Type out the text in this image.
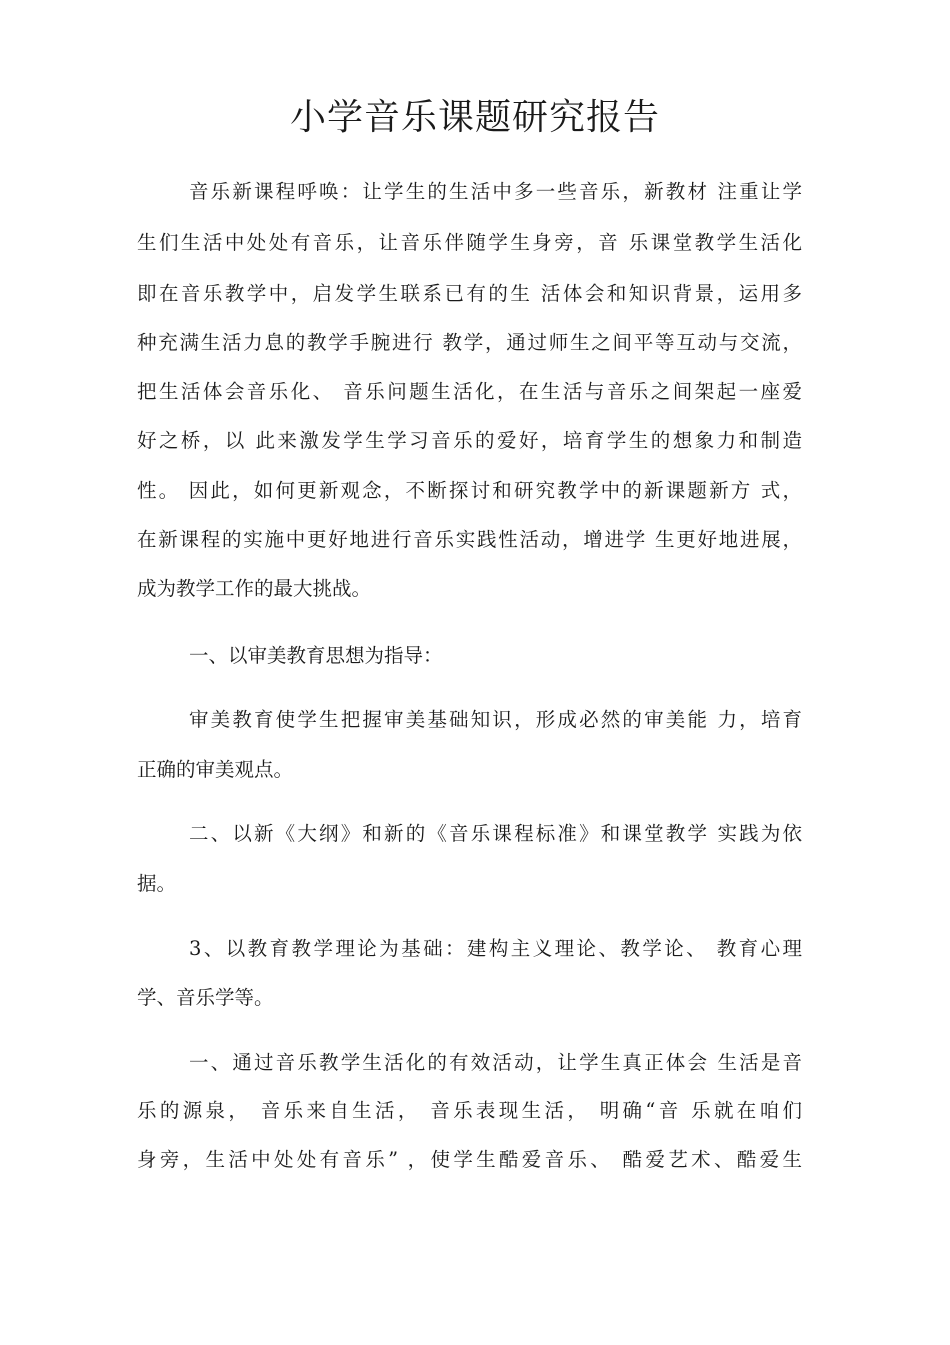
小学音乐课题研究报告

音乐新课程呼唤：让学生的生活中多一些音乐，新教材 注重让学

生们生活中处处有音乐，让音乐伴随学生身旁，音 乐课堂教学生活化

即在音乐教学中，启发学生联系已有的生 活体会和知识背景，运用多

种充满生活力息的教学手腕进行 教学，通过师生之间平等互动与交流，

把生活体会音乐化、 音乐问题生活化，在生活与音乐之间架起一座爱

好之桥，以 此来激发学生学习音乐的爱好，培育学生的想象力和制造

性。 因此，如何更新观念，不断探讨和研究教学中的新课题新方 式，

在新课程的实施中更好地进行音乐实践性活动，增进学 生更好地进展，

成为教学工作的最大挑战。

一、以审美教育思想为指导：

审美教育使学生把握审美基础知识，形成必然的审美能 力，培育

正确的审美观点。

二、以新《大纲》和新的《音乐课程标准》和课堂教学 实践为依

据。

3、以教育教学理论为基础：建构主义理论、教学论、 教育心理

学、音乐学等。

一、通过音乐教学生活化的有效活动，让学生真正体会 生活是音

乐的源泉， 音乐来自生活， 音乐表现生活， 明确“音 乐就在咱们

身旁，生活中处处有音乐” ，使学生酷爱音乐、 酷爱艺术、酷爱生
